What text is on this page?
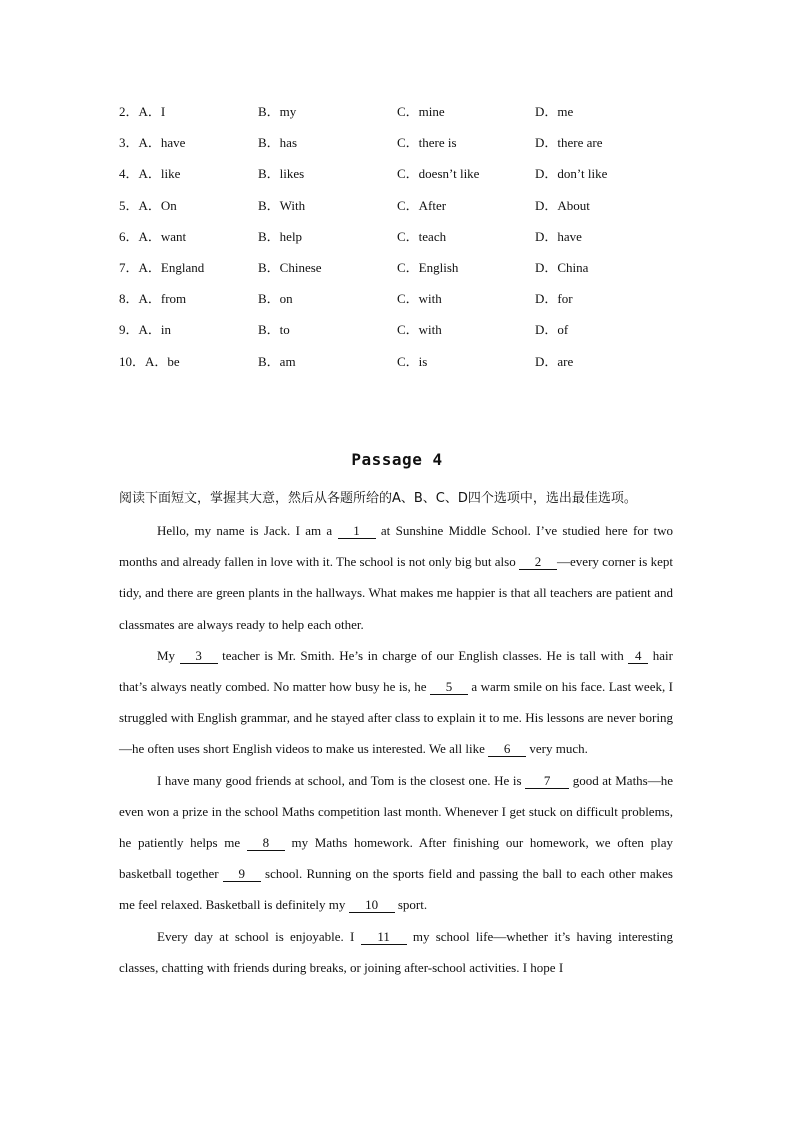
2．A．I	B．my	C．mine	D．me
3．A．have	B．has	C．there is	D．there are
4．A．like	B．likes	C．doesn’t like	D．don’t like
5．A．On	B．With	C．After	D．About
6．A．want	B．help	C．teach	D．have
7．A．England	B．Chinese	C．English	D．China
8．A．from	B．on	C．with	D．for
9．A．in	B．to	C．with	D．of
10．A．be	B．am	C．is	D．are
Passage 4
阅读下面短文，掌握其大意，然后从各题所给的A、B、C、D四个选项中，选出最佳选项。

Hello, my name is Jack. I am a 1 at Sunshine Middle School. I’ve studied here for two months and already fallen in love with it. The school is not only big but also 2 —every corner is kept tidy, and there are green plants in the hallways. What makes me happier is that all teachers are patient and classmates are always ready to help each other.

My 3 teacher is Mr. Smith. He’s in charge of our English classes. He is tall with 4 hair that’s always neatly combed. No matter how busy he is, he 5 a warm smile on his face. Last week, I struggled with English grammar, and he stayed after class to explain it to me. His lessons are never boring—he often uses short English videos to make us interested. We all like 6 very much.

I have many good friends at school, and Tom is the closest one. He is 7 good at Maths—he even won a prize in the school Maths competition last month. Whenever I get stuck on difficult problems, he patiently helps me 8 my Maths homework. After finishing our homework, we often play basketball together 9 school. Running on the sports field and passing the ball to each other makes me feel relaxed. Basketball is definitely my 10 sport.

Every day at school is enjoyable. I 11 my school life—whether it’s having interesting classes, chatting with friends during breaks, or joining after-school activities. I hope I
